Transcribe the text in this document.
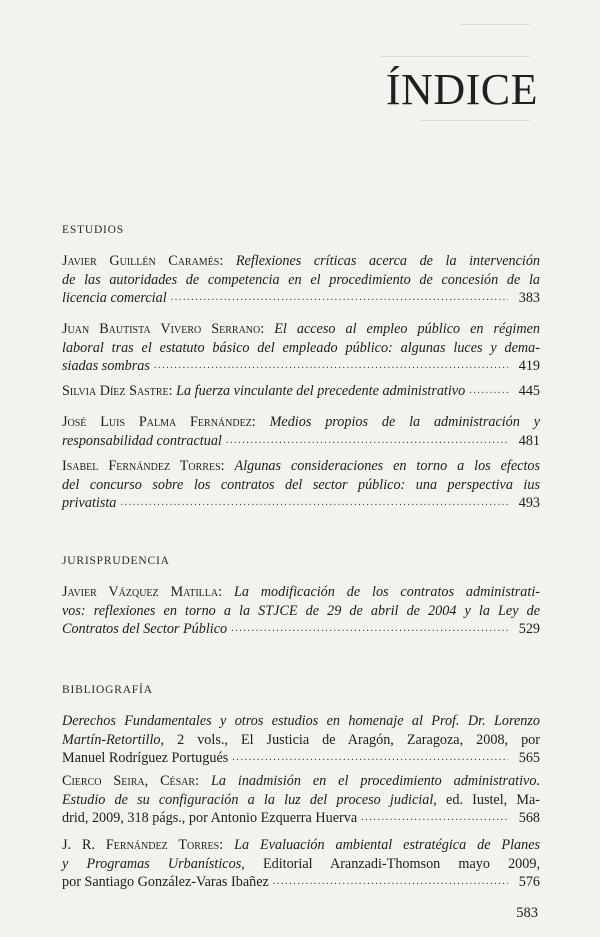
ÍNDICE
ESTUDIOS
Javier Guillén Caramés: Reflexiones críticas acerca de la intervención
de las autoridades de competencia en el procedimiento de concesión de la
licencia comercial .....	383
Juan Bautista Vivero Serrano: El acceso al empleo público en régimen
laboral tras el estatuto básico del empleado público: algunas luces y dema-
siadas sombras .....	419
Silvia Díez Sastre: La fuerza vinculante del precedente administrativo .....	445
José Luis Palma Fernández: Medios propios de la administración y
responsabilidad contractual .....	481
Isabel Fernández Torres: Algunas consideraciones en torno a los efectos
del concurso sobre los contratos del sector público: una perspectiva ius
privatista .....	493
JURISPRUDENCIA
Javier Vázquez Matilla: La modificación de los contratos administrati-
vos: reflexiones en torno a la STJCE de 29 de abril de 2004 y la Ley de
Contratos del Sector Público .....	529
BIBLIOGRAFÍA
Derechos Fundamentales y otros estudios en homenaje al Prof. Dr. Lorenzo
Martín-Retortillo, 2 vols., El Justicia de Aragón, Zaragoza, 2008, por
Manuel Rodríguez Portugués .....	565
Cierco Seira, César: La inadmisión en el procedimiento administrativo.
Estudio de su configuración a la luz del proceso judicial, ed. Iustel, Ma-
drid, 2009, 318 págs., por Antonio Ezquerra Huerva .....	568
J. R. Fernández Torres: La Evaluación ambiental estratégica de Planes
y Programas Urbanísticos, Editorial Aranzadi-Thomson mayo 2009,
por Santiago González-Varas Ibañez .....	576
583
